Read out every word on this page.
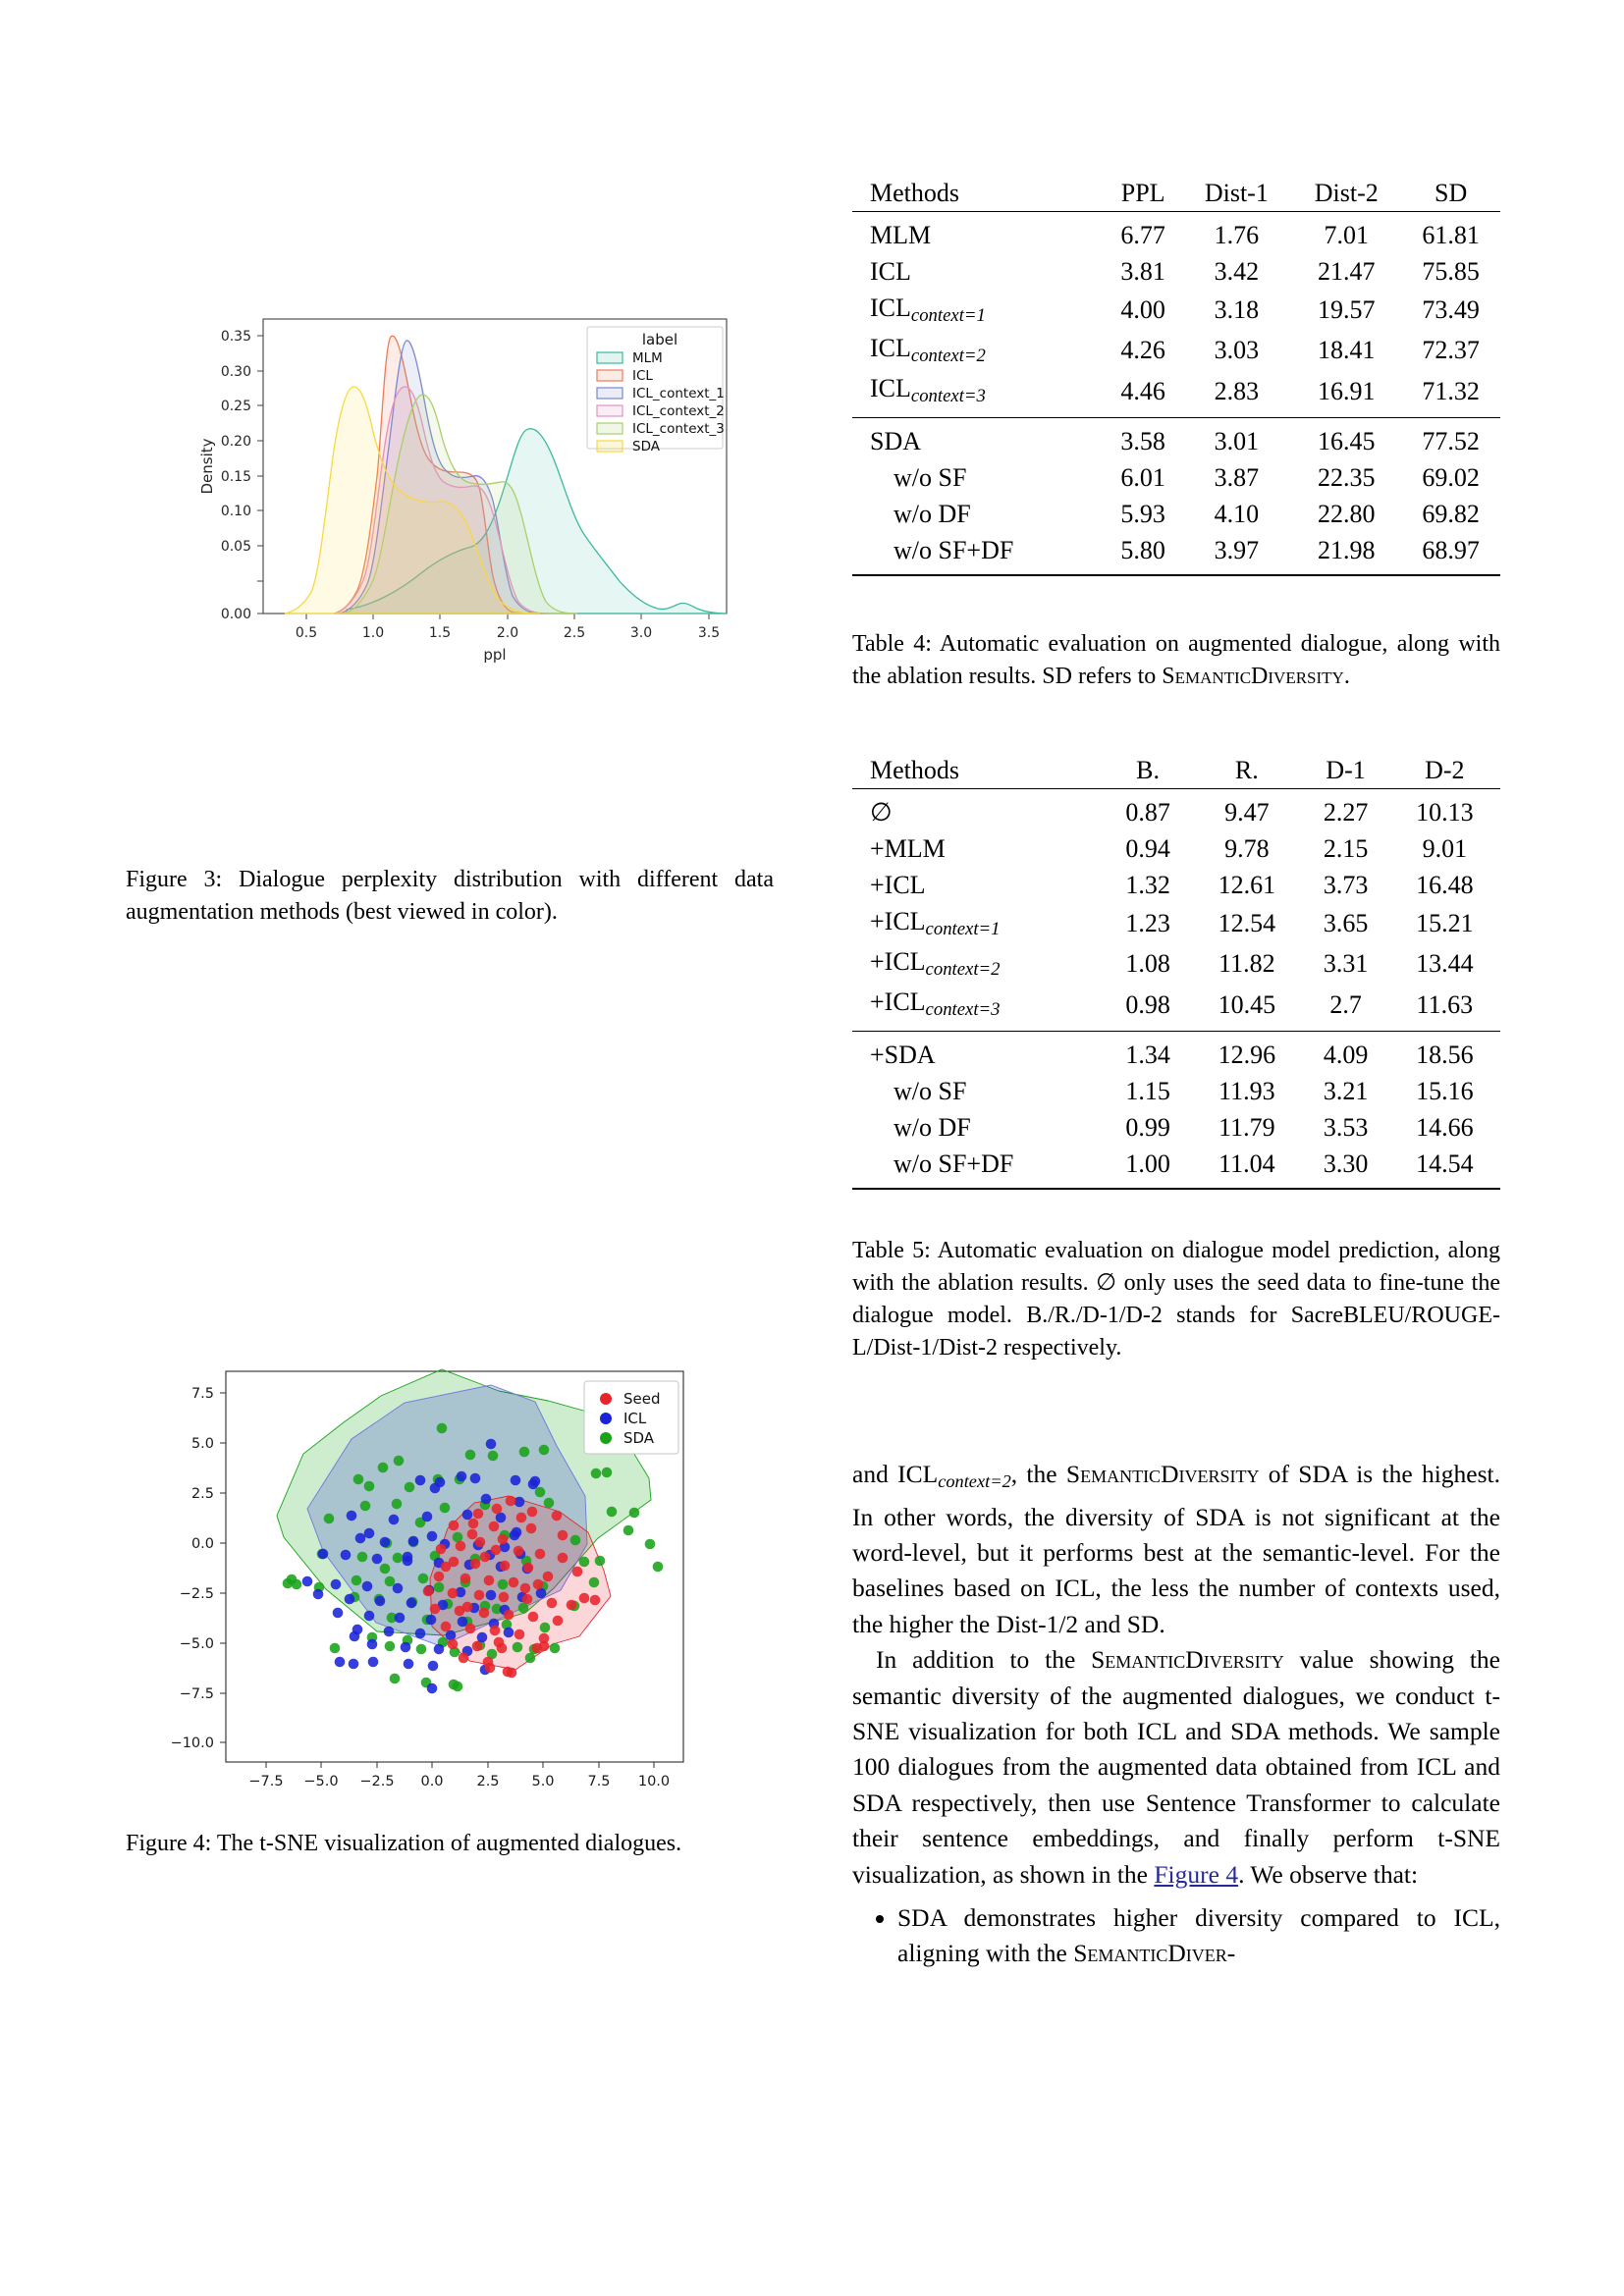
0.35
0.30
0.25
0.20
0.15
0.10
0.05
0.00
Density
0.5	1.0	1.5	2.0	2.5	3.0	3.5
ppl
label
MLM
ICL
ICL_context_1
ICL_context_2
ICL_context_3
SDA
Figure 3: Dialogue perplexity distribution with different data augmentation methods (best viewed in color).
7.5
5.0
2.5
0.0
−2.5
−5.0
−7.5
−10.0
−7.5 −5.0 −2.5 0.0 2.5 5.0 7.5 10.0
Seed
ICL
SDA
Figure 4: The t-SNE visualization of augmented dialogues.
Methods	PPL	Dist-1	Dist-2	SD
MLM	6.77	1.76	7.01	61.81
ICL	3.81	3.42	21.47	75.85
$ICL_{context=1}$	4.00	3.18	19.57	73.49
$ICL_{context=2}$	4.26	3.03	18.41	72.37
$ICL_{context=3}$	4.46	2.83	16.91	71.32
SDA	3.58	3.01	16.45	77.52
w/o SF	6.01	3.87	22.35	69.02
w/o DF	5.93	4.10	22.80	69.82
w/o SF+DF	5.80	3.97	21.98	68.97
Table 4: Automatic evaluation on augmented dialogue, along with the ablation results. SD refers to SemanticDiversity.
Methods	B.	R.	D-1	D-2
∅	0.87	9.47	2.27	10.13
+MLM	0.94	9.78	2.15	9.01
+ICL	1.32	12.61	3.73	16.48
$+ICL_{context=1}$	1.23	12.54	3.65	15.21
$+ICL_{context=2}$	1.08	11.82	3.31	13.44
$+ICL_{context=3}$	0.98	10.45	2.7	11.63
+SDA	1.34	12.96	4.09	18.56
w/o SF	1.15	11.93	3.21	15.16
w/o DF	0.99	11.79	3.53	14.66
w/o SF+DF	1.00	11.04	3.30	14.54
Table 5: Automatic evaluation on dialogue model prediction, along with the ablation results. ∅ only uses the seed data to fine-tune the dialogue model. B./R./D-1/D-2 stands for SacreBLEU/ROUGE-L/Dist-1/Dist-2 respectively.

and $ICL_{context=2}$, the SemanticDiversity of SDA is the highest. In other words, the diversity of SDA is not significant at the word-level, but it performs best at the semantic-level. For the baselines based on ICL, the less the number of contexts used, the higher the Dist-1/2 and SD.

In addition to the SemanticDiversity value showing the semantic diversity of the augmented dialogues, we conduct t-SNE visualization for both ICL and SDA methods. We sample 100 dialogues from the augmented data obtained from ICL and SDA respectively, then use Sentence Transformer to calculate their sentence embeddings, and finally perform t-SNE visualization, as shown in the Figure 4. We observe that:

• SDA demonstrates higher diversity compared to ICL, aligning with the SemanticDiver-
